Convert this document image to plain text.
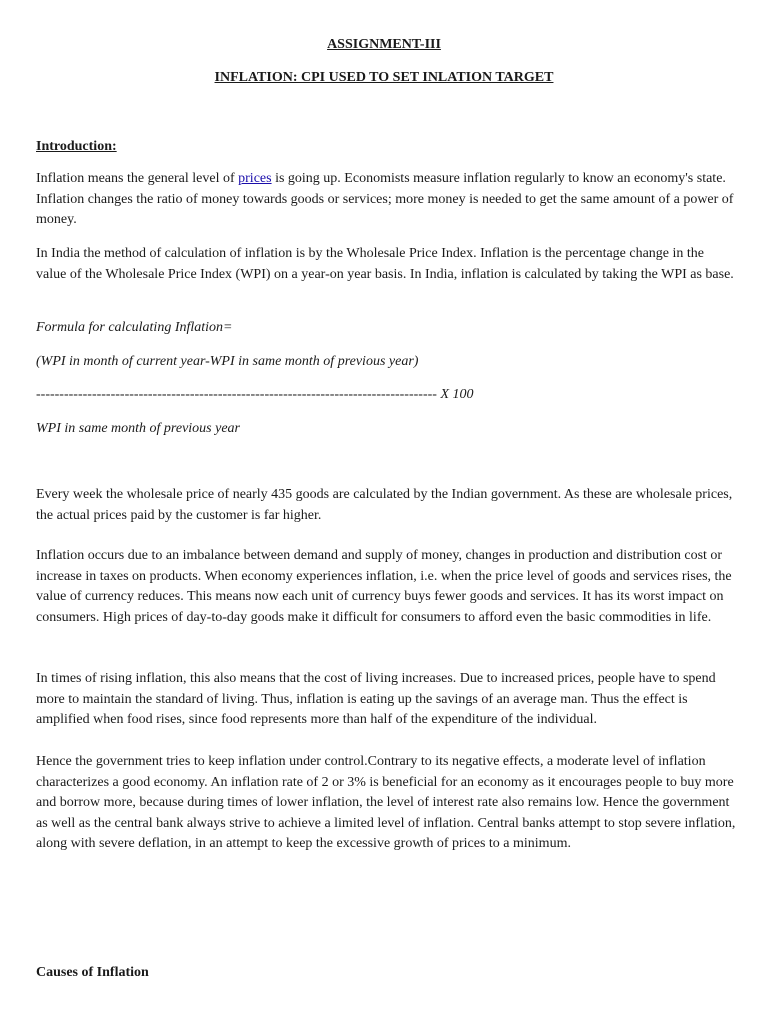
ASSIGNMENT-III

INFLATION: CPI USED TO SET INLATION TARGET

Introduction:

Inflation means the general level of prices is going up. Economists measure inflation regularly to know an economy's state. Inflation changes the ratio of money towards goods or services; more money is needed to get the same amount of a power of money.

In India the method of calculation of inflation is by the Wholesale Price Index. Inflation is the percentage change in the value of the Wholesale Price Index (WPI) on a year-on year basis. In India, inflation is calculated by taking the WPI as base.

Formula for calculating Inflation=

(WPI in month of current year-WPI in same month of previous year)

-------------------------------------------------------------------------------------- X 100

WPI in same month of previous year

Every week the wholesale price of nearly 435 goods are calculated by the Indian government. As these are wholesale prices, the actual prices paid by the customer is far higher.

Inflation occurs due to an imbalance between demand and supply of money, changes in production and distribution cost or increase in taxes on products. When economy experiences inflation, i.e. when the price level of goods and services rises, the value of currency reduces. This means now each unit of currency buys fewer goods and services. It has its worst impact on consumers. High prices of day-to-day goods make it difficult for consumers to afford even the basic commodities in life.

In times of rising inflation, this also means that the cost of living increases. Due to increased prices, people have to spend more to maintain the standard of living. Thus, inflation is eating up the savings of an average man. Thus the effect is amplified when food rises, since food represents more than half of the expenditure of the individual.

Hence the government tries to keep inflation under control.Contrary to its negative effects, a moderate level of inflation characterizes a good economy. An inflation rate of 2 or 3% is beneficial for an economy as it encourages people to buy more and borrow more, because during times of lower inflation, the level of interest rate also remains low. Hence the government as well as the central bank always strive to achieve a limited level of inflation. Central banks attempt to stop severe inflation, along with severe deflation, in an attempt to keep the excessive growth of prices to a minimum.

Causes of Inflation
